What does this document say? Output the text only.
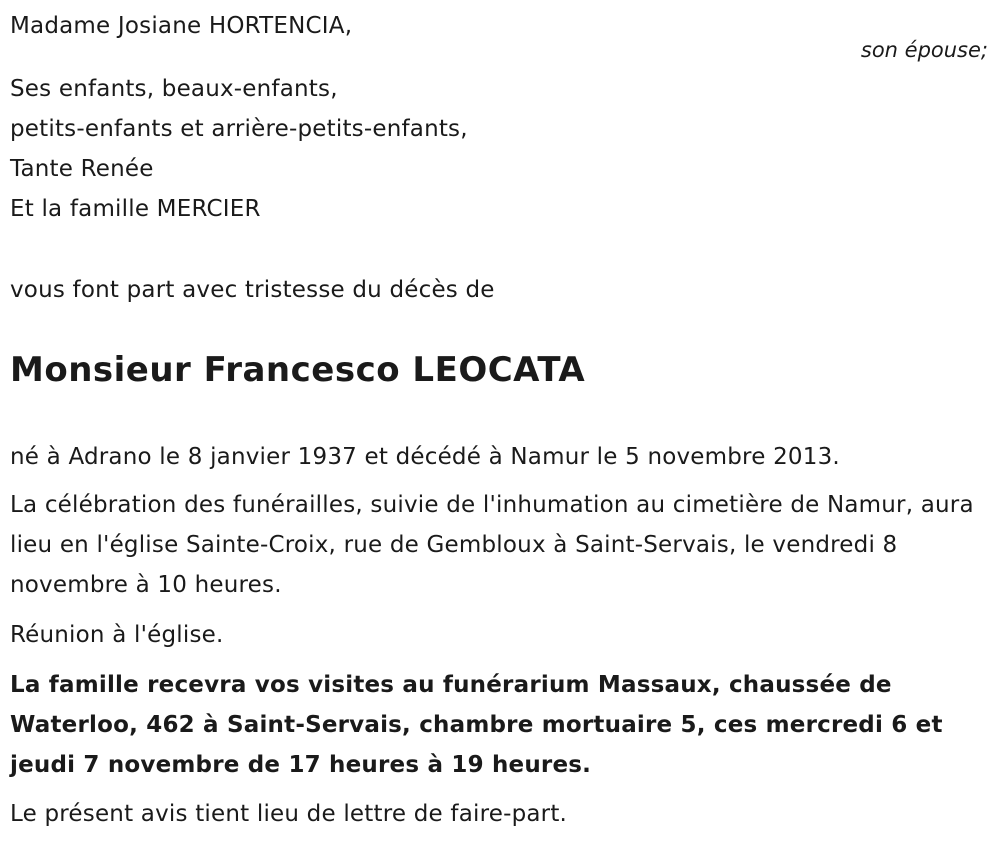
Madame Josiane HORTENCIA,
son épouse;
Ses enfants, beaux-enfants,
petits-enfants et arrière-petits-enfants,
Tante Renée
Et la famille MERCIER
vous font part avec tristesse du décès de
Monsieur Francesco LEOCATA
né à Adrano le 8 janvier 1937 et décédé à Namur le 5 novembre 2013.
La célébration des funérailles, suivie de l'inhumation au cimetière de Namur, aura lieu en l'église Sainte-Croix, rue de Gembloux à Saint-Servais, le vendredi 8 novembre à 10 heures.
Réunion à l'église.
La famille recevra vos visites au funérarium Massaux, chaussée de Waterloo, 462 à Saint-Servais, chambre mortuaire 5, ces mercredi 6 et jeudi 7 novembre de 17 heures à 19 heures.
Le présent avis tient lieu de lettre de faire-part.
